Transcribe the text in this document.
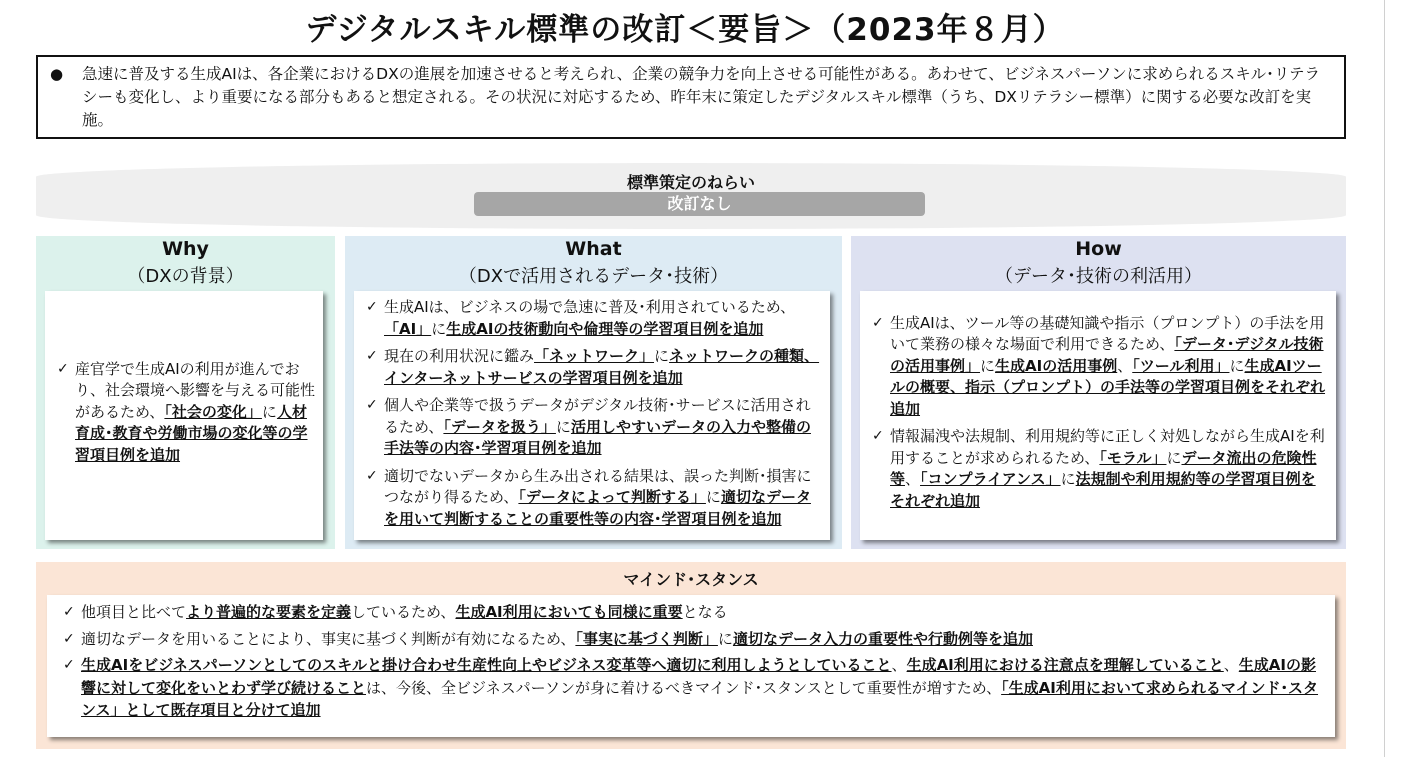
デジタルスキル標準の改訂＜要旨＞（2023年８月）
● 急速に普及する生成AIは、各企業におけるDXの進展を加速させると考えられ、企業の競争力を向上させる可能性がある。あわせて、ビジネスパーソンに求められるスキル･リテラシーも変化し、より重要になる部分もあると想定される。その状況に対応するため、昨年末に策定したデジタルスキル標準（うち、DXリテラシー標準）に関する必要な改訂を実施。
標準策定のねらい
改訂なし
Why
（DXの背景）
✓ 産官学で生成AIの利用が進んでおり、社会環境へ影響を与える可能性があるため、「社会の変化」に人材育成･教育や労働市場の変化等の学習項目例を追加
What
（DXで活用されるデータ･技術）
✓ 生成AIは、ビジネスの場で急速に普及･利用されているため、「AI」に生成AIの技術動向や倫理等の学習項目例を追加
✓ 現在の利用状況に鑑み「ネットワーク」にネットワークの種類、インターネットサービスの学習項目例を追加
✓ 個人や企業等で扱うデータがデジタル技術･サービスに活用されるため、「データを扱う」に活用しやすいデータの入力や整備の手法等の内容･学習項目例を追加
✓ 適切でないデータから生み出される結果は、誤った判断･損害につながり得るため、「データによって判断する」に適切なデータを用いて判断することの重要性等の内容･学習項目例を追加
How
（データ･技術の利活用）
✓ 生成AIは、ツール等の基礎知識や指示（プロンプト）の手法を用いて業務の様々な場面で利用できるため、「データ･デジタル技術の活用事例」に生成AIの活用事例、「ツール利用」に生成AIツールの概要、指示（プロンプト）の手法等の学習項目例をそれぞれ追加
✓ 情報漏洩や法規制、利用規約等に正しく対処しながら生成AIを利用することが求められるため、「モラル」にデータ流出の危険性等、「コンプライアンス」に法規制や利用規約等の学習項目例をそれぞれ追加
マインド･スタンス
✓ 他項目と比べてより普遍的な要素を定義しているため、生成AI利用においても同様に重要となる
✓ 適切なデータを用いることにより、事実に基づく判断が有効になるため、「事実に基づく判断」に適切なデータ入力の重要性や行動例等を追加
✓ 生成AIをビジネスパーソンとしてのスキルと掛け合わせ生産性向上やビジネス変革等へ適切に利用しようとしていること、生成AI利用における注意点を理解していること、生成AIの影響に対して変化をいとわず学び続けることは、今後、全ビジネスパーソンが身に着けるべきマインド･スタンスとして重要性が増すため、「生成AI利用において求められるマインド･スタンス」として既存項目と分けて追加
